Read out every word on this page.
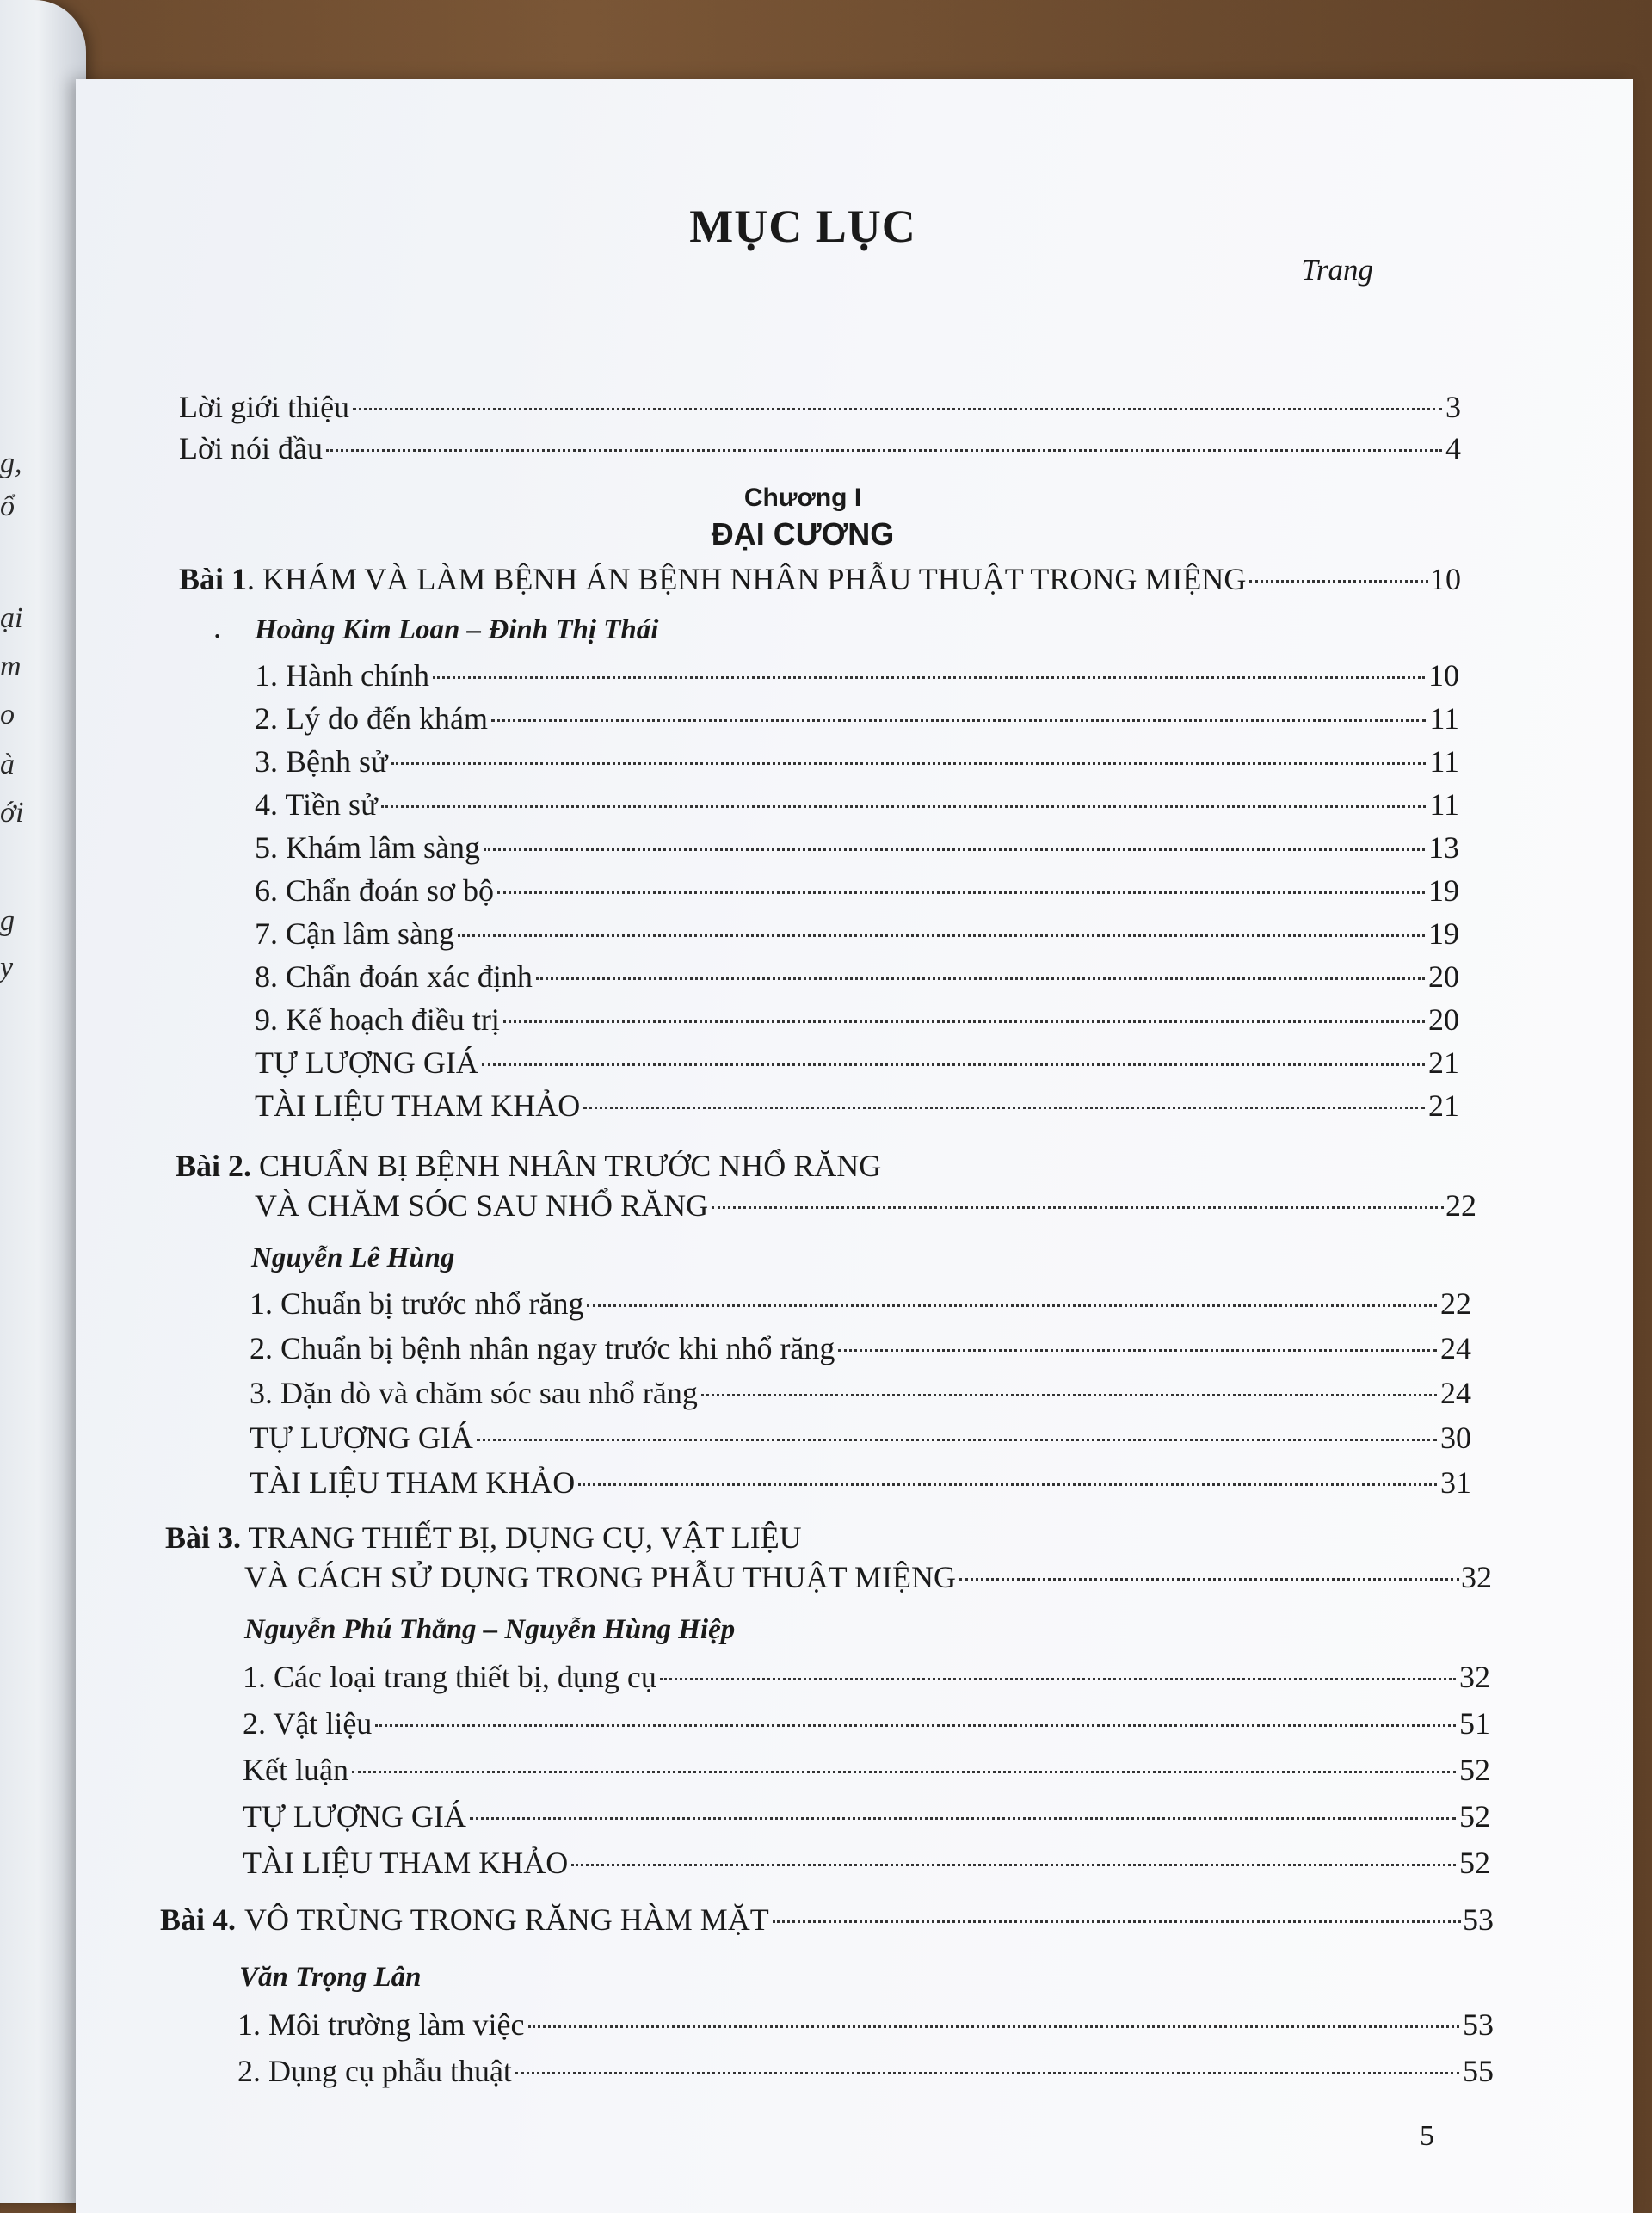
g,
ổ
ại
m
o
à
ới
g
y
MỤC LỤC
Trang
Lời giới thiệu	3
Lời nói đầu	4
Chương I
ĐẠI CƯƠNG
Bài 1 . KHÁM VÀ LÀM BỆNH ÁN BỆNH NHÂN PHẪU THUẬT TRONG MIỆNG	10
. Hoàng Kim Loan – Đinh Thị Thái
1. Hành chính	10
2. Lý do đến khám	11
3. Bệnh sử	11
4. Tiền sử	11
5. Khám lâm sàng	13
6. Chẩn đoán sơ bộ	19
7. Cận lâm sàng	19
8. Chẩn đoán xác định	20
9. Kế hoạch điều trị	20
TỰ LƯỢNG GIÁ	21
TÀI LIỆU THAM KHẢO	21
Bài 2. CHUẨN BỊ BỆNH NHÂN TRƯỚC NHỔ RĂNG
VÀ CHĂM SÓC SAU NHỔ RĂNG	22
Nguyễn Lê Hùng
1. Chuẩn bị trước nhổ răng	22
2. Chuẩn bị bệnh nhân ngay trước khi nhổ răng	24
3. Dặn dò và chăm sóc sau nhổ răng	24
TỰ LƯỢNG GIÁ	30
TÀI LIỆU THAM KHẢO	31
Bài 3. TRANG THIẾT BỊ, DỤNG CỤ, VẬT LIỆU
VÀ CÁCH SỬ DỤNG TRONG PHẪU THUẬT MIỆNG	32
Nguyễn Phú Thắng – Nguyễn Hùng Hiệp
1. Các loại trang thiết bị, dụng cụ	32
2. Vật liệu	51
Kết luận	52
TỰ LƯỢNG GIÁ	52
TÀI LIỆU THAM KHẢO	52
Bài 4. VÔ TRÙNG TRONG RĂNG HÀM MẶT	53
Văn Trọng Lân
1. Môi trường làm việc	53
2. Dụng cụ phẫu thuật	55
5
